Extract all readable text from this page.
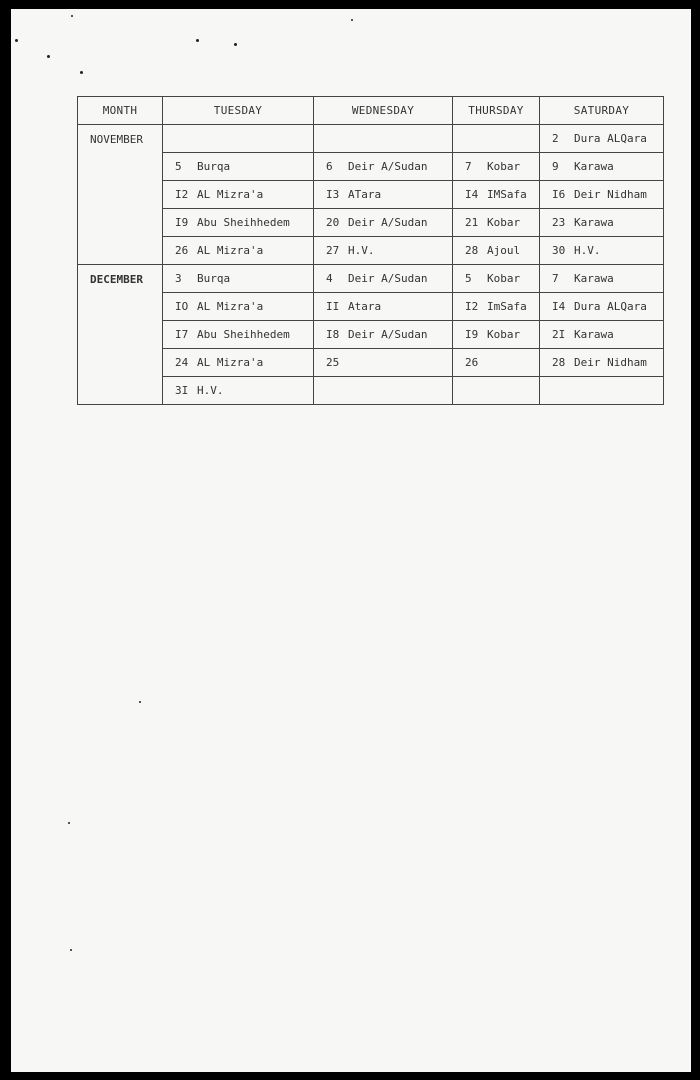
MONTH	TUESDAY	WEDNESDAY	THURSDAY	SATURDAY
NOVEMBER				2 Dura ALQara
	5 Burqa	6 Deir A/Sudan	7 Kobar	9 Karawa
	I2 AL Mizra'a	I3 ATara	I4 IMSafa	I6 Deir Nidham
	I9 Abu Sheihhedem	20 Deir A/Sudan	21 Kobar	23 Karawa
	26 AL Mizra'a	27 H.V.	28 Ajoul	30 H.V.
DECEMBER	3 Burqa	4 Deir A/Sudan	5 Kobar	7 Karawa
	IO AL Mizra'a	II Atara	I2 ImSafa	I4 Dura ALQara
	I7 Abu Sheihhedem	I8 Deir A/Sudan	I9 Kobar	2I Karawa
	24 AL Mizra'a	25	26	28 Deir Nidham
	3I H.V.			
